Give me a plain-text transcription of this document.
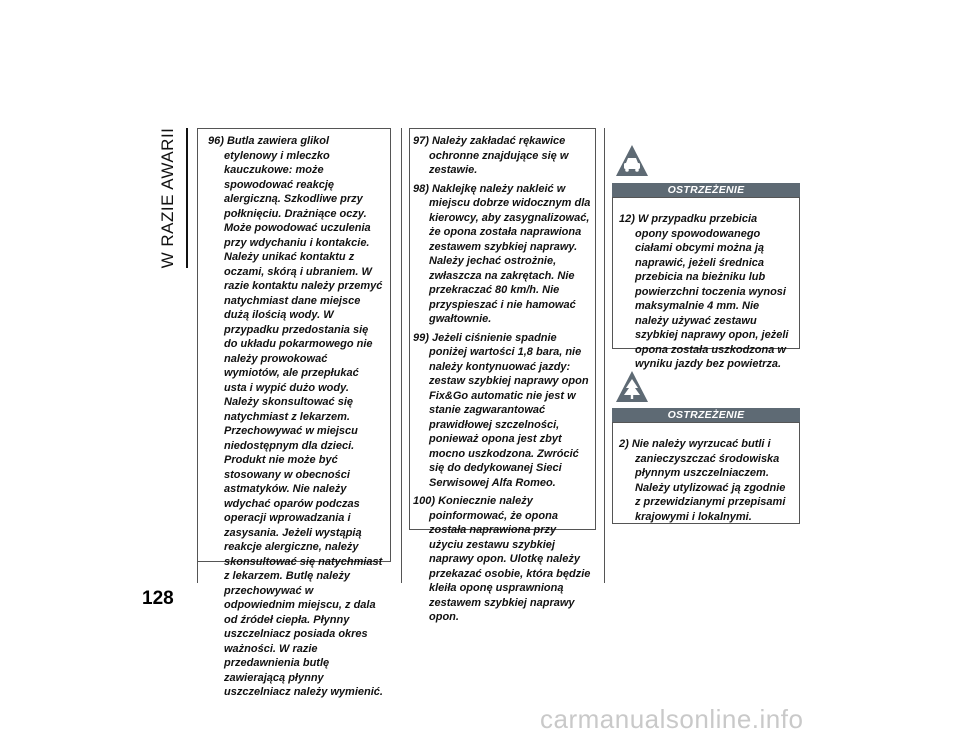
W RAZIE AWARII
128
96) Butla zawiera glikol etylenowy i mleczko kauczukowe: może spowodować reakcję alergiczną. Szkodliwe przy połknięciu. Drażniące oczy. Może powodować uczulenia przy wdychaniu i kontakcie. Należy unikać kontaktu z oczami, skórą i ubraniem. W razie kontaktu należy przemyć natychmiast dane miejsce dużą ilością wody. W przypadku przedostania się do układu pokarmowego nie należy prowokować wymiotów, ale przepłukać usta i wypić dużo wody. Należy skonsultować się natychmiast z lekarzem. Przechowywać w miejscu niedostępnym dla dzieci. Produkt nie może być stosowany w obecności astmatyków. Nie należy wdychać oparów podczas operacji wprowadzania i zasysania. Jeżeli wystąpią reakcje alergiczne, należy skonsultować się natychmiast z lekarzem. Butlę należy przechowywać w odpowiednim miejscu, z dala od źródeł ciepła. Płynny uszczelniacz posiada okres ważności. W razie przedawnienia butlę zawierającą płynny uszczelniacz należy wymienić.
97) Należy zakładać rękawice ochronne znajdujące się w zestawie.
98) Naklejkę należy nakleić w miejscu dobrze widocznym dla kierowcy, aby zasygnalizować, że opona została naprawiona zestawem szybkiej naprawy. Należy jechać ostrożnie, zwłaszcza na zakrętach. Nie przekraczać 80 km/h. Nie przyspieszać i nie hamować gwałtownie.
99) Jeżeli ciśnienie spadnie poniżej wartości 1,8 bara, nie należy kontynuować jazdy: zestaw szybkiej naprawy opon Fix&Go automatic nie jest w stanie zagwarantować prawidłowej szczelności, ponieważ opona jest zbyt mocno uszkodzona. Zwrócić się do dedykowanej Sieci Serwisowej Alfa Romeo.
100) Koniecznie należy poinformować, że opona została naprawiona przy użyciu zestawu szybkiej naprawy opon. Ulotkę należy przekazać osobie, która będzie kleiła oponę usprawnioną zestawem szybkiej naprawy opon.
OSTRZEŻENIE
12) W przypadku przebicia opony spowodowanego ciałami obcymi można ją naprawić, jeżeli średnica przebicia na bieżniku lub powierzchni toczenia wynosi maksymalnie 4 mm. Nie należy używać zestawu szybkiej naprawy opon, jeżeli opona została uszkodzona w wyniku jazdy bez powietrza.
OSTRZEŻENIE
2) Nie należy wyrzucać butli i zanieczyszczać środowiska płynnym uszczelniaczem. Należy utylizować ją zgodnie z przewidzianymi przepisami krajowymi i lokalnymi.
carmanualsonline.info
